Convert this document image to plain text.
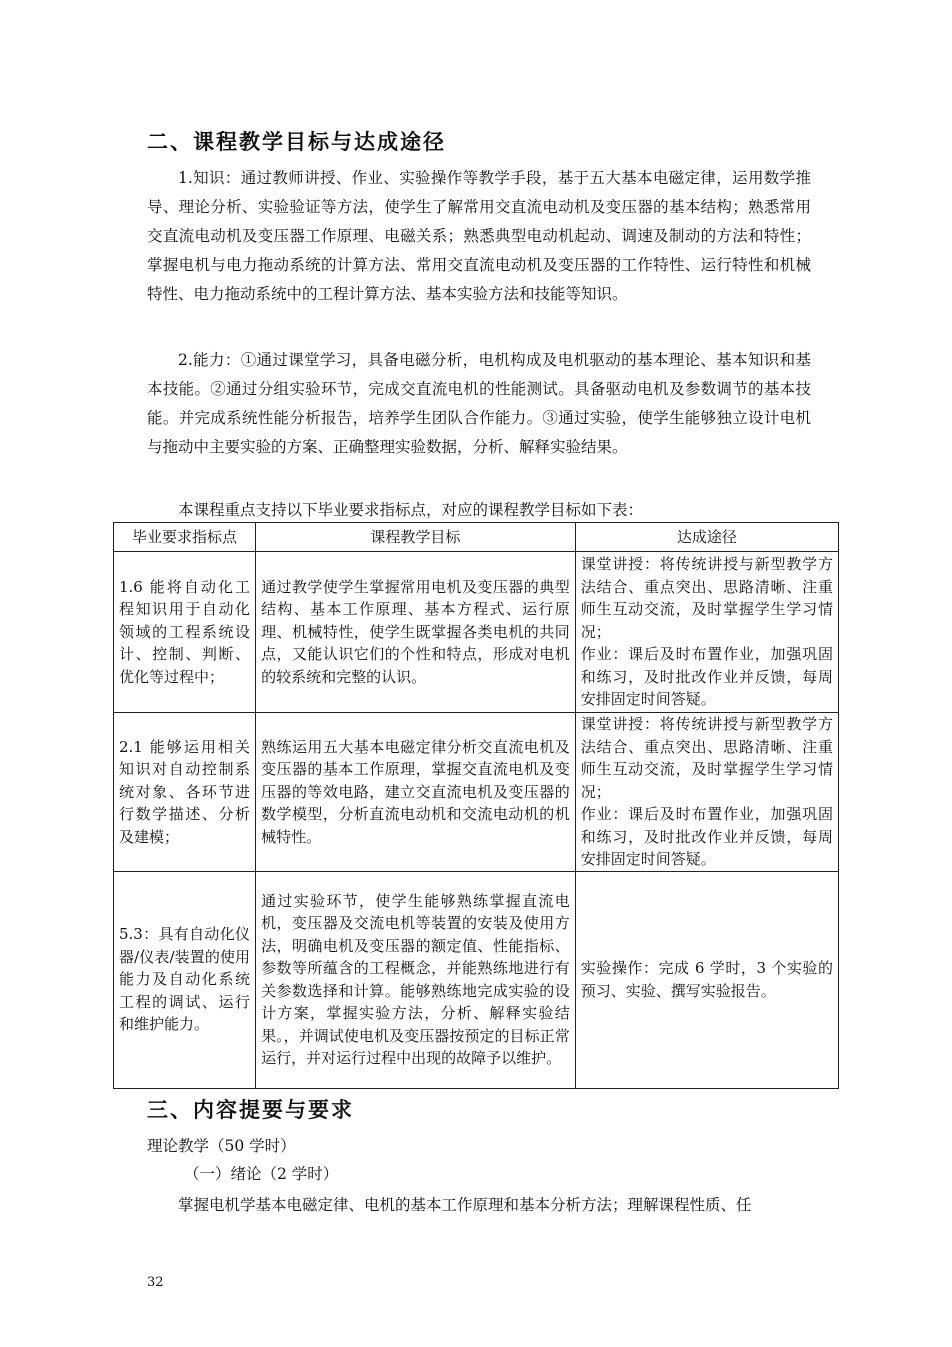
二、课程教学目标与达成途径

1.知识：通过教师讲授、作业、实验操作等教学手段，基于五大基本电磁定律，运用数学推导、理论分析、实验验证等方法，使学生了解常用交直流电动机及变压器的基本结构；熟悉常用交直流电动机及变压器工作原理、电磁关系；熟悉典型电动机起动、调速及制动的方法和特性；掌握电机与电力拖动系统的计算方法、常用交直流电动机及变压器的工作特性、运行特性和机械特性、电力拖动系统中的工程计算方法、基本实验方法和技能等知识。

2.能力：①通过课堂学习，具备电磁分析，电机构成及电机驱动的基本理论、基本知识和基本技能。②通过分组实验环节，完成交直流电机的性能测试。具备驱动电机及参数调节的基本技能。并完成系统性能分析报告，培养学生团队合作能力。③通过实验，使学生能够独立设计电机与拖动中主要实验的方案、正确整理实验数据，分析、解释实验结果。

本课程重点支持以下毕业要求指标点，对应的课程教学目标如下表：

毕业要求指标点	课程教学目标	达成途径

1.6 能将自动化工程知识用于自动化领域的工程系统设计、控制、判断、优化等过程中；	通过教学使学生掌握常用电机及变压器的典型结构、基本工作原理、基本方程式、运行原理、机械特性，使学生既掌握各类电机的共同点，又能认识它们的个性和特点，形成对电机的较系统和完整的认识。	课堂讲授：将传统讲授与新型教学方法结合、重点突出、思路清晰、注重师生互动交流，及时掌握学生学习情况；
作业：课后及时布置作业，加强巩固和练习，及时批改作业并反馈，每周安排固定时间答疑。

2.1 能够运用相关知识对自动控制系统对象、各环节进行数学描述、分析及建模；	熟练运用五大基本电磁定律分析交直流电机及变压器的基本工作原理，掌握交直流电机及变压器的等效电路，建立交直流电机及变压器的数学模型，分析直流电动机和交流电动机的机械特性。	课堂讲授：将传统讲授与新型教学方法结合、重点突出、思路清晰、注重师生互动交流，及时掌握学生学习情况；
作业：课后及时布置作业，加强巩固和练习，及时批改作业并反馈，每周安排固定时间答疑。

5.3：具有自动化仪器/仪表/装置的使用能力及自动化系统工程的调试、运行和维护能力。	通过实验环节，使学生能够熟练掌握直流电机，变压器及交流电机等装置的安装及使用方法，明确电机及变压器的额定值、性能指标、参数等所蕴含的工程概念，并能熟练地进行有关参数选择和计算。能够熟练地完成实验的设计方案，掌握实验方法，分析、解释实验结果。，并调试使电机及变压器按预定的目标正常运行，并对运行过程中出现的故障予以维护。	实验操作：完成 6 学时，3 个实验的预习、实验、撰写实验报告。
三、内容提要与要求

理论教学（50 学时）

（一）绪论（2 学时）

掌握电机学基本电磁定律、电机的基本工作原理和基本分析方法；理解课程性质、任

32
